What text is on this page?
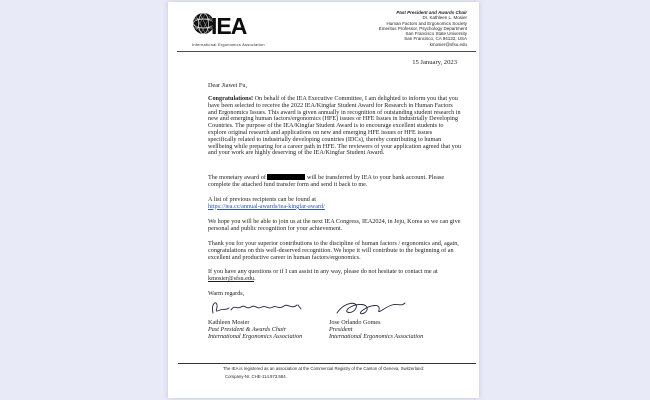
IEA
International Ergonomics Association
Past President and Awards Chair
Dr. Kathleen L. Mosier
Human Factors and Ergonomics Society
Emeritus Professor, Psychology Department
San Francisco State University
San Francisco, CA 94132, USA
kmosier@sfsu.edu
15 January, 2023
Dear Jiawei Fu,
Congratulations! On behalf of the IEA Executive Committee, I am delighted to inform you that you have been selected to receive the 2022 IEA/Kingfar Student Award for Research in Human Factors and Ergonomics Issues. This award is given annually in recognition of outstanding student research in new and emerging human factors/ergonomics (HFE) issues or HFE Issues in Industrially Developing Countries. The purpose of the IEA/Kingfar Student Award is to encourage excellent students to explore original research and applications on new and emerging HFE issues or HFE issues specifically related to industrially developing countries (IDCs), thereby contributing to human wellbeing while preparing for a career path in HFE. The reviewers of your application agreed that you and your work are highly deserving of the IEA/Kingfar Student Award.
The monetary award of	will be transferred by IEA to your bank account. Please complete the attached fund transfer form and send it back to me.
A list of previous recipients can be found at
https://iea.cc/annual-awards/iea-kingfar-award/
We hope you will be able to join us at the next IEA Congress, IEA2024, in Jeju, Korea so we can give personal and public recognition for your achievement.
Thank you for your superior contributions to the discipline of human factors / ergonomics and, again, congratulations on this well-deserved recognition. We hope it will contribute to the beginning of an excellent and productive career in human factors/ergonomics.
If you have any questions or if I can assist in any way, please do not hesitate to contact me at kmosier@sfsu.edu.
Warm regards,
Kathleen Mosier
Past President & Awards Chair
International Ergonomics Association
Jose Orlando Gomes
President
International Ergonomics Association
The IEA is registered as an association at the Commercial Registry of the Canton of Geneva, Switzerland:
Company-Nr. CHE-114.973.584.
